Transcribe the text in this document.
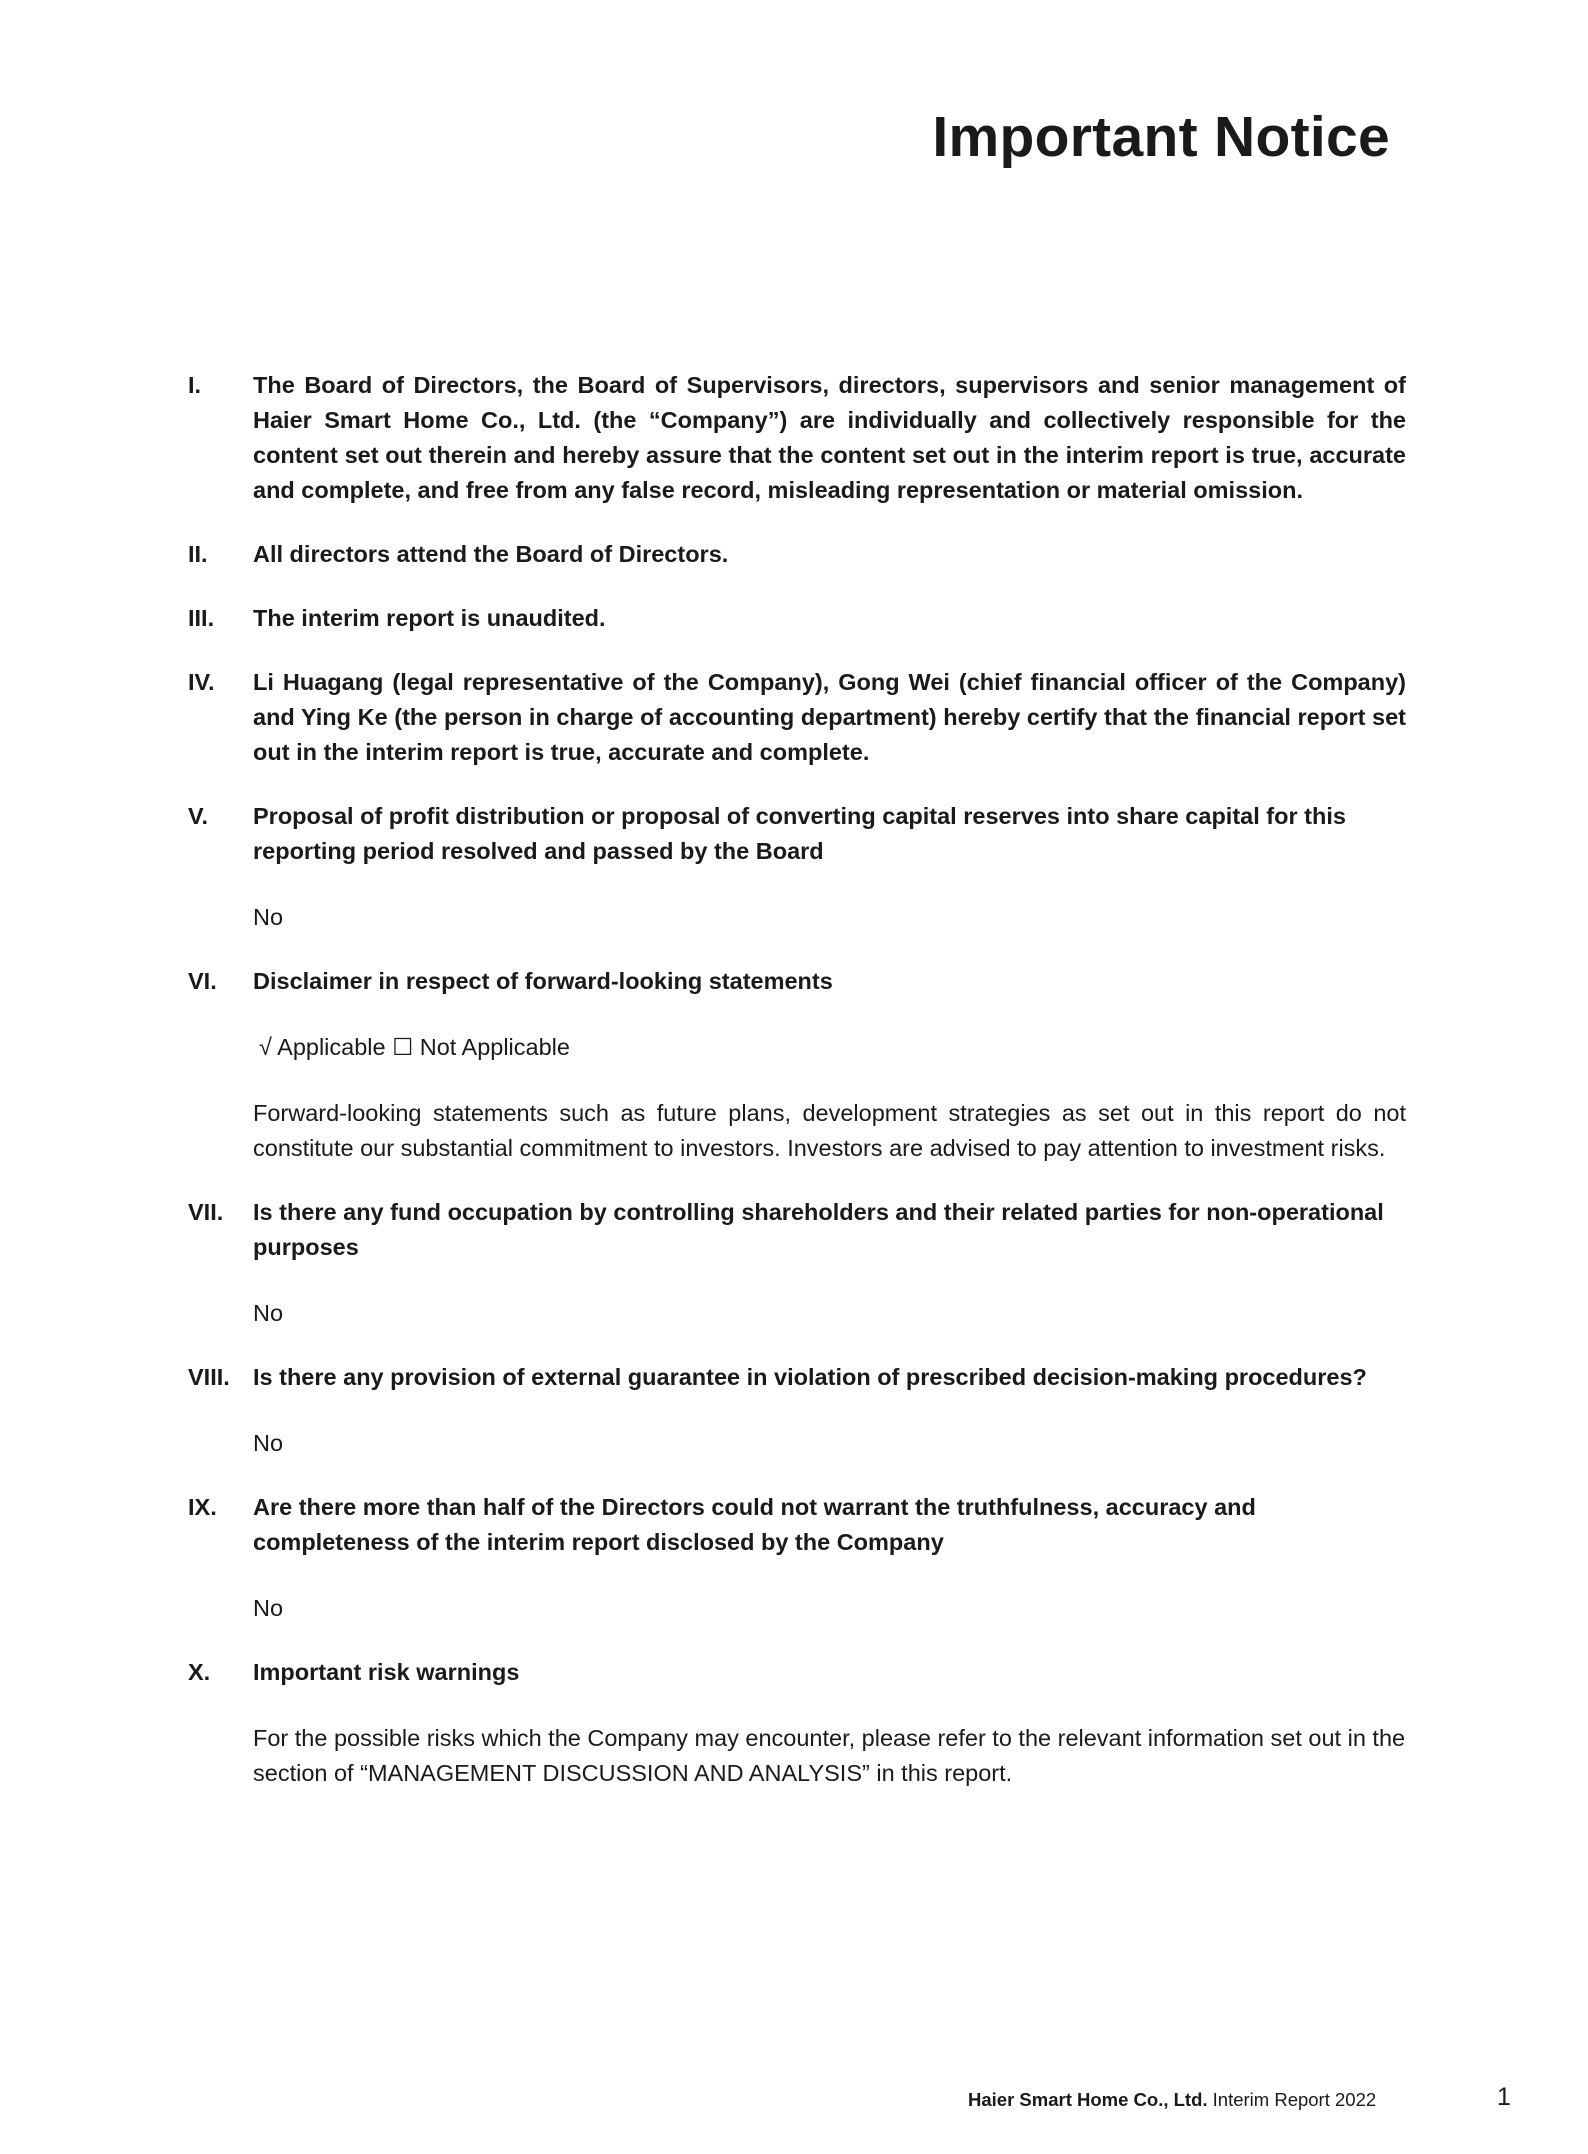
Important Notice
I.	The Board of Directors, the Board of Supervisors, directors, supervisors and senior management of Haier Smart Home Co., Ltd. (the “Company”) are individually and collectively responsible for the content set out therein and hereby assure that the content set out in the interim report is true, accurate and complete, and free from any false record, misleading representation or material omission.

II.	All directors attend the Board of Directors.

III.	The interim report is unaudited.

IV.	Li Huagang (legal representative of the Company), Gong Wei (chief financial officer of the Company) and Ying Ke (the person in charge of accounting department) hereby certify that the financial report set out in the interim report is true, accurate and complete.

V.	Proposal of profit distribution or proposal of converting capital reserves into share capital for this reporting period resolved and passed by the Board

No

VI.	Disclaimer in respect of forward-looking statements

√ Applicable ☐ Not Applicable

Forward-looking statements such as future plans, development strategies as set out in this report do not constitute our substantial commitment to investors. Investors are advised to pay attention to investment risks.

VII.	Is there any fund occupation by controlling shareholders and their related parties for non-operational purposes

No

VIII. Is there any provision of external guarantee in violation of prescribed decision-making procedures?

No

IX.	Are there more than half of the Directors could not warrant the truthfulness, accuracy and completeness of the interim report disclosed by the Company

No

X.	Important risk warnings

For the possible risks which the Company may encounter, please refer to the relevant information set out in the section of “MANAGEMENT DISCUSSION AND ANALYSIS” in this report.

Haier Smart Home Co., Ltd. Interim Report 2022	1
